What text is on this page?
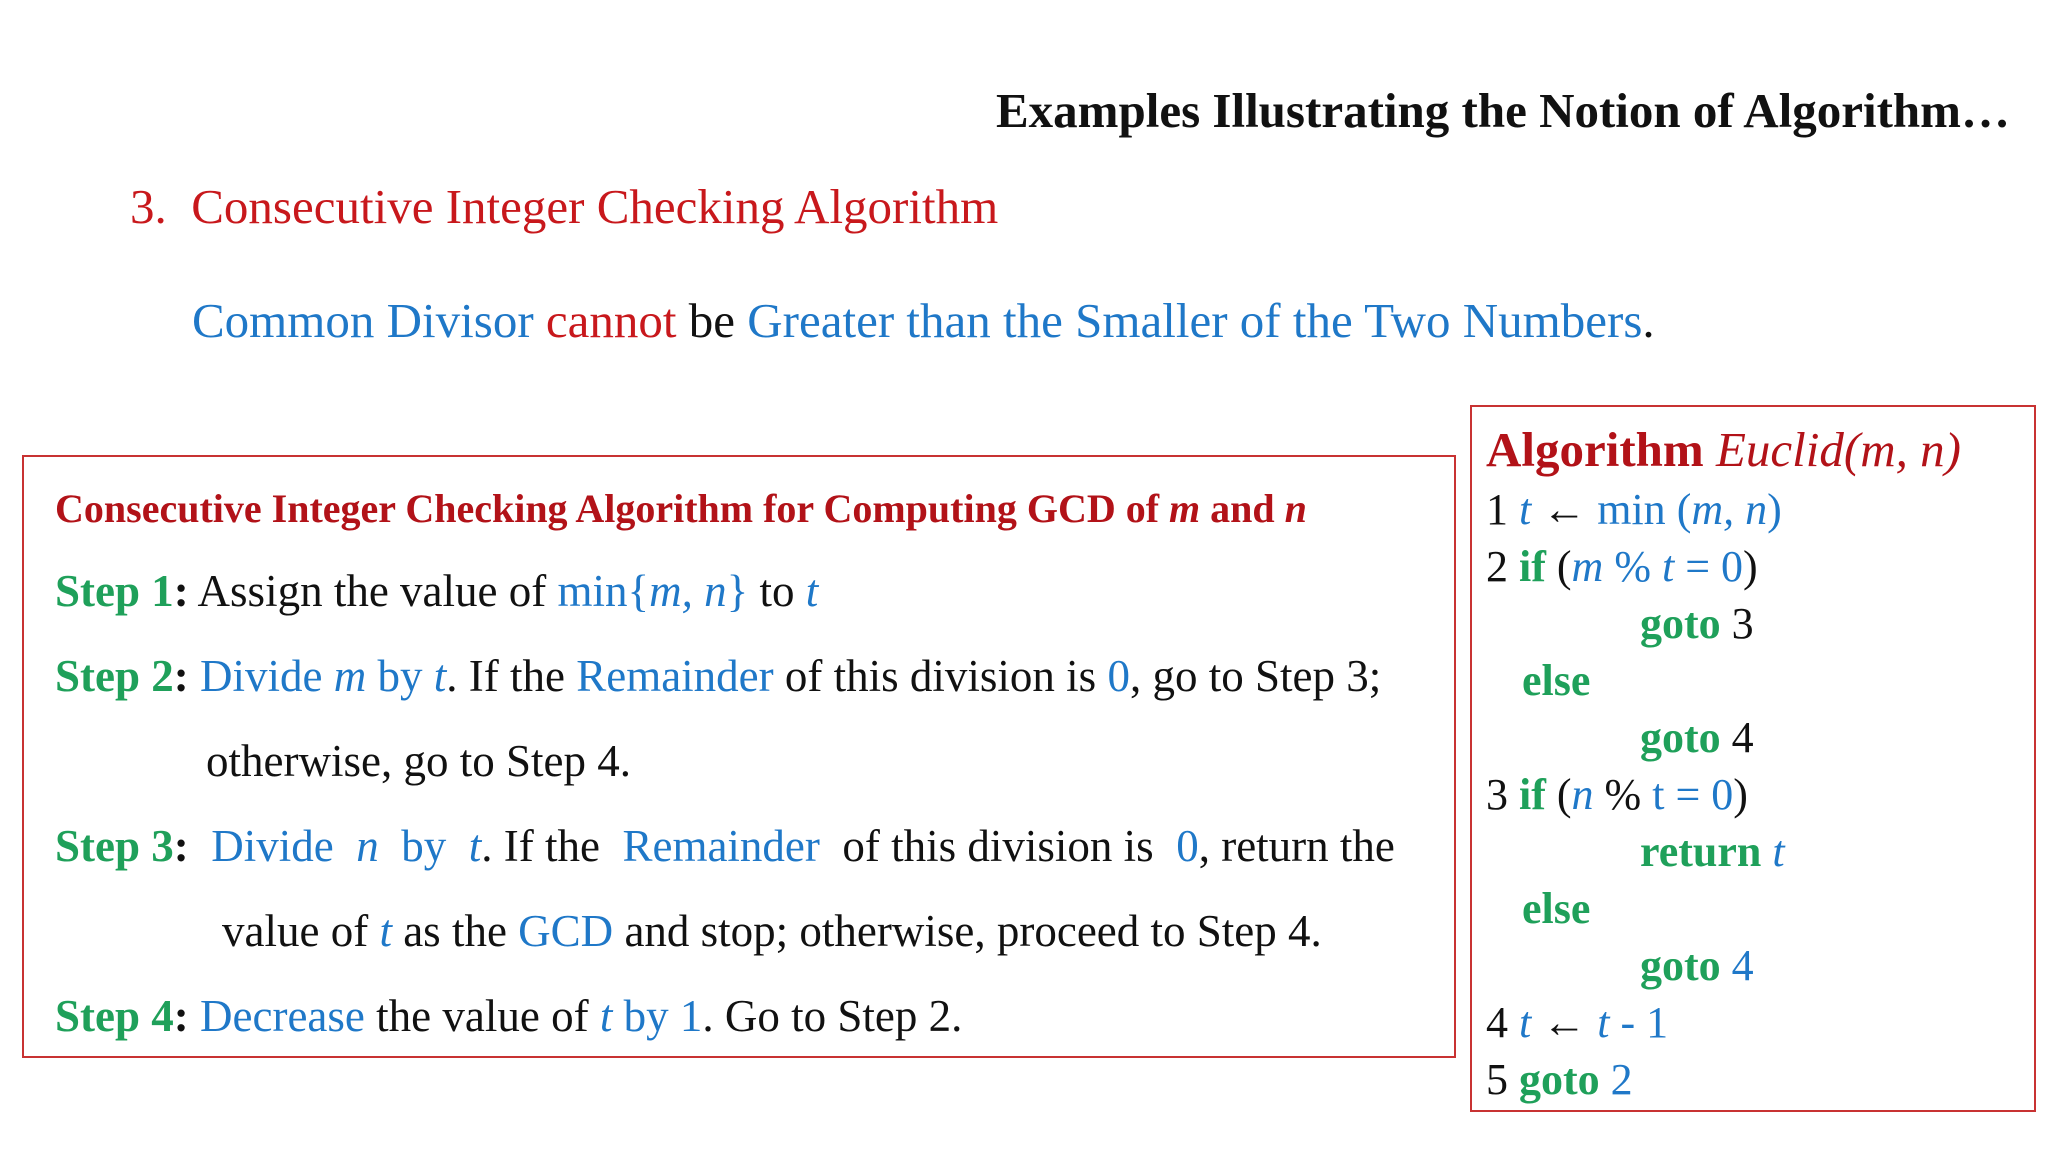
Examples Illustrating the Notion of Algorithm…
3. Consecutive Integer Checking Algorithm
Common Divisor cannot be Greater than the Smaller of the Two Numbers.
Consecutive Integer Checking Algorithm for Computing GCD of m and n
Step 1: Assign the value of min{m, n} to t
Step 2: Divide m by t. If the Remainder of this division is 0, go to Step 3;
otherwise, go to Step 4.
Step 3: Divide n by t. If the Remainder of this division is 0, return the
value of t as the GCD and stop; otherwise, proceed to Step 4.
Step 4: Decrease the value of t by 1. Go to Step 2.
Algorithm Euclid(m, n)
1 t ← min (m, n)
2 if (m % t = 0)
goto 3
else
goto 4
3 if (n % t = 0)
return t
else
goto 4
4 t ← t - 1
5 goto 2
